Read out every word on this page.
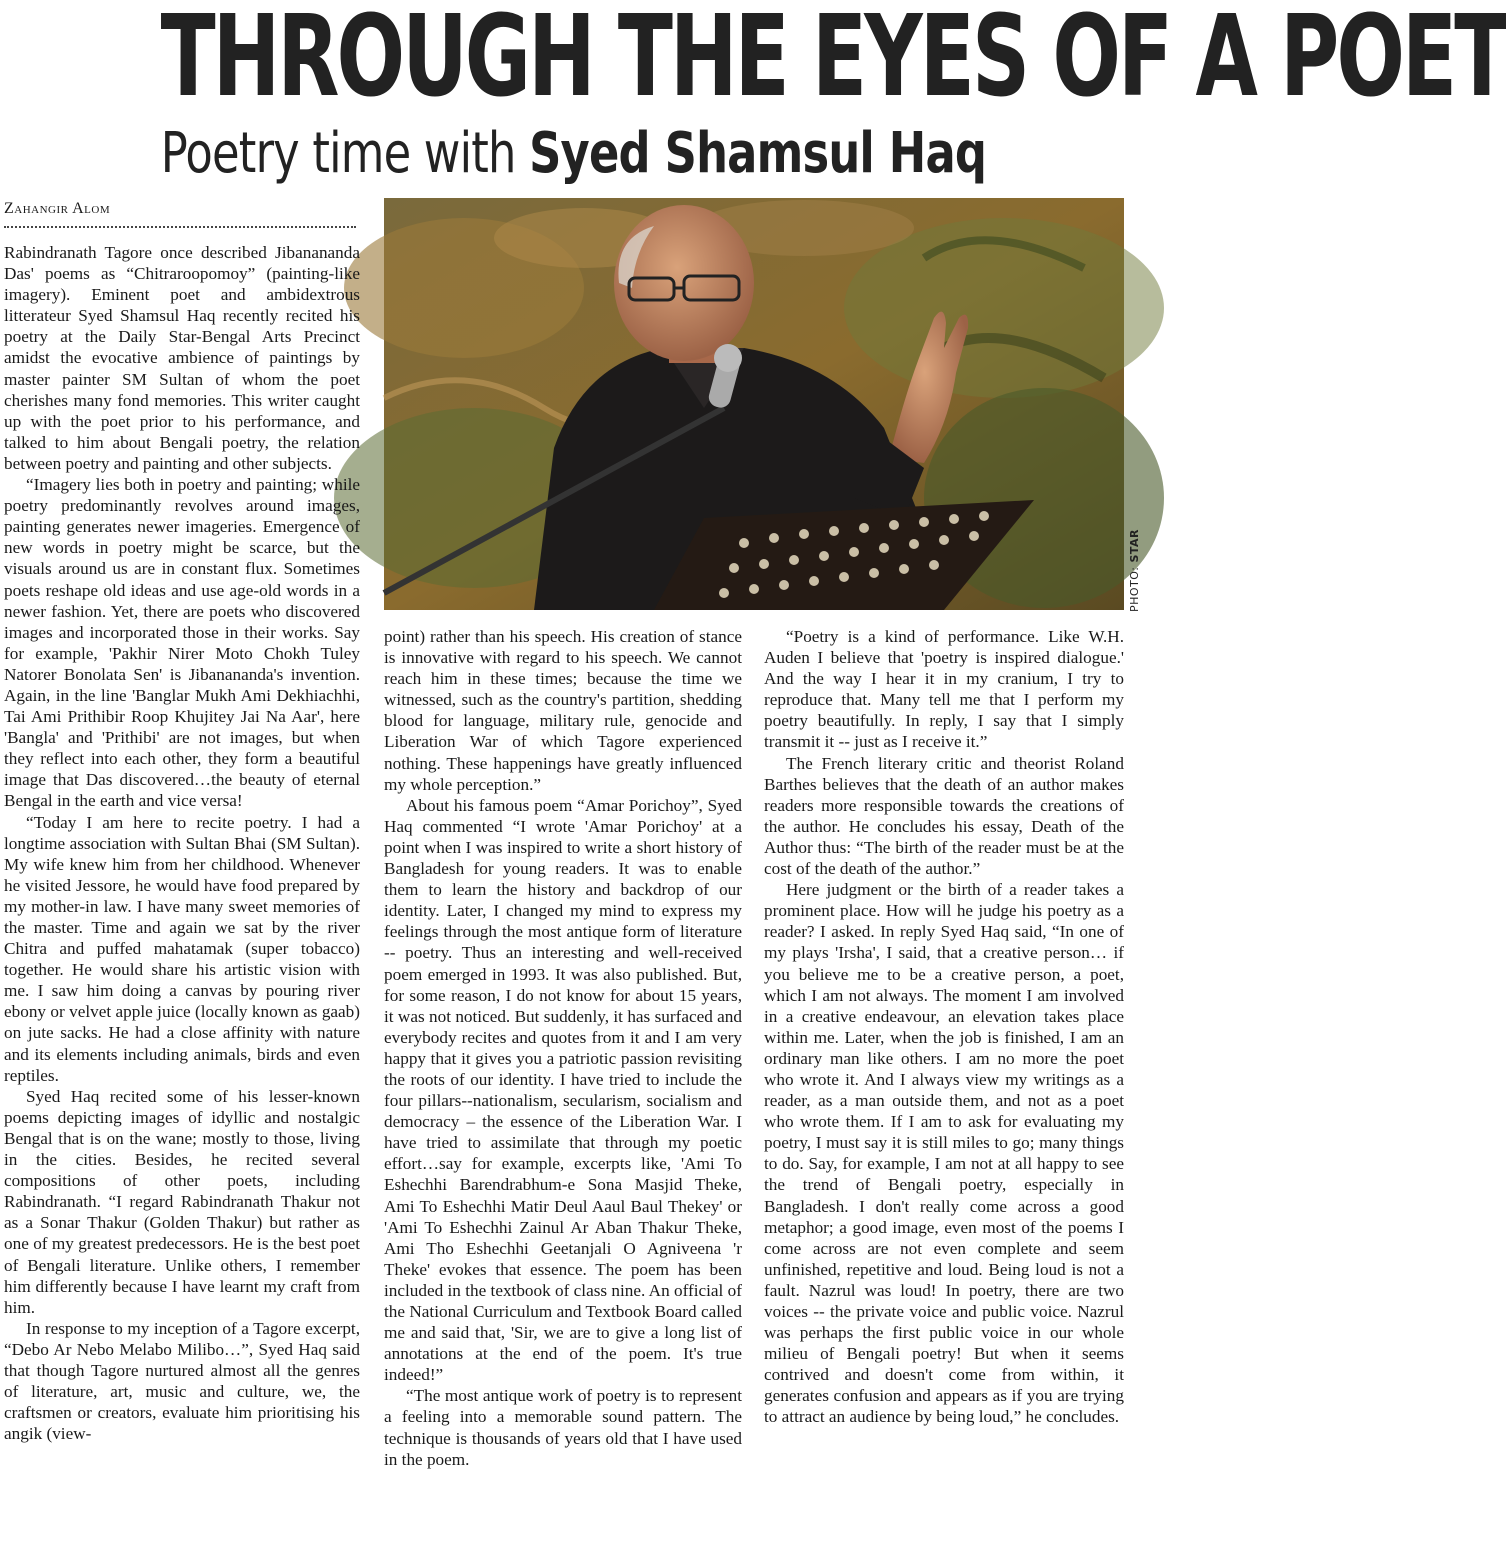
THROUGH THE EYES OF A POET
Poetry time with Syed Shamsul Haq
Zahangir Alom
PHOTO: STAR

Rabindranath Tagore once described Jibanananda Das' poems as “Chitraroopomoy” (painting-like imagery). Eminent poet and ambidextrous litterateur Syed Shamsul Haq recently recited his poetry at the Daily Star-Bengal Arts Precinct amidst the evocative ambience of paintings by master painter SM Sultan of whom the poet cherishes many fond memories. This writer caught up with the poet prior to his performance, and talked to him about Bengali poetry, the relation between poetry and painting and other subjects.

“Imagery lies both in poetry and painting; while poetry predominantly revolves around images, painting generates newer imageries. Emergence of new words in poetry might be scarce, but the visuals around us are in constant flux. Sometimes poets reshape old ideas and use age-old words in a newer fashion. Yet, there are poets who discovered images and incorporated those in their works. Say for example, 'Pakhir Nirer Moto Chokh Tuley Natorer Bonolata Sen' is Jibanananda's invention. Again, in the line 'Banglar Mukh Ami Dekhiachhi, Tai Ami Prithibir Roop Khujitey Jai Na Aar', here 'Bangla' and 'Prithibi' are not images, but when they reflect into each other, they form a beautiful image that Das discovered…the beauty of eternal Bengal in the earth and vice versa!

“Today I am here to recite poetry. I had a longtime association with Sultan Bhai (SM Sultan). My wife knew him from her childhood. Whenever he visited Jessore, he would have food prepared by my mother-in law. I have many sweet memories of the master. Time and again we sat by the river Chitra and puffed mahatamak (super tobacco) together. He would share his artistic vision with me. I saw him doing a canvas by pouring river ebony or velvet apple juice (locally known as gaab) on jute sacks. He had a close affinity with nature and its elements including animals, birds and even reptiles.

Syed Haq recited some of his lesser-known poems depicting images of idyllic and nostalgic Bengal that is on the wane; mostly to those, living in the cities. Besides, he recited several compositions of other poets, including Rabindranath. “I regard Rabindranath Thakur not as a Sonar Thakur (Golden Thakur) but rather as one of my greatest predecessors. He is the best poet of Bengali literature. Unlike others, I remember him differently because I have learnt my craft from him.

In response to my inception of a Tagore excerpt, “Debo Ar Nebo Melabo Milibo…”, Syed Haq said that though Tagore nurtured almost all the genres of literature, art, music and culture, we, the craftsmen or creators, evaluate him prioritising his angik (view-

point) rather than his speech. His creation of stance is innovative with regard to his speech. We cannot reach him in these times; because the time we witnessed, such as the country's partition, shedding blood for language, military rule, genocide and Liberation War of which Tagore experienced nothing. These happenings have greatly influenced my whole perception.”

About his famous poem “Amar Porichoy”, Syed Haq commented “I wrote 'Amar Porichoy' at a point when I was inspired to write a short history of Bangladesh for young readers. It was to enable them to learn the history and backdrop of our identity. Later, I changed my mind to express my feelings through the most antique form of literature -- poetry. Thus an interesting and well-received poem emerged in 1993. It was also published. But, for some reason, I do not know for about 15 years, it was not noticed. But suddenly, it has surfaced and everybody recites and quotes from it and I am very happy that it gives you a patriotic passion revisiting the roots of our identity. I have tried to include the four pillars--nationalism, secularism, socialism and democracy – the essence of the Liberation War. I have tried to assimilate that through my poetic effort…say for example, excerpts like, 'Ami To Eshechhi Barendrabhum-e Sona Masjid Theke, Ami To Eshechhi Matir Deul Aaul Baul Thekey' or 'Ami To Eshechhi Zainul Ar Aban Thakur Theke, Ami Tho Eshechhi Geetanjali O Agniveena 'r Theke' evokes that essence. The poem has been included in the textbook of class nine. An official of the National Curriculum and Textbook Board called me and said that, 'Sir, we are to give a long list of annotations at the end of the poem. It's true indeed!”

“The most antique work of poetry is to represent a feeling into a memorable sound pattern. The technique is thousands of years old that I have used in the poem.

“Poetry is a kind of performance. Like W.H. Auden I believe that 'poetry is inspired dialogue.' And the way I hear it in my cranium, I try to reproduce that. Many tell me that I perform my poetry beautifully. In reply, I say that I simply transmit it -- just as I receive it.”

The French literary critic and theorist Roland Barthes believes that the death of an author makes readers more responsible towards the creations of the author. He concludes his essay, Death of the Author thus: “The birth of the reader must be at the cost of the death of the author.”

Here judgment or the birth of a reader takes a prominent place. How will he judge his poetry as a reader? I asked. In reply Syed Haq said, “In one of my plays 'Irsha', I said, that a creative person… if you believe me to be a creative person, a poet, which I am not always. The moment I am involved in a creative endeavour, an elevation takes place within me. Later, when the job is finished, I am an ordinary man like others. I am no more the poet who wrote it. And I always view my writings as a reader, as a man outside them, and not as a poet who wrote them. If I am to ask for evaluating my poetry, I must say it is still miles to go; many things to do. Say, for example, I am not at all happy to see the trend of Bengali poetry, especially in Bangladesh. I don't really come across a good metaphor; a good image, even most of the poems I come across are not even complete and seem unfinished, repetitive and loud. Being loud is not a fault. Nazrul was loud! In poetry, there are two voices -- the private voice and public voice. Nazrul was perhaps the first public voice in our whole milieu of Bengali poetry! But when it seems contrived and doesn't come from within, it generates confusion and appears as if you are trying to attract an audience by being loud,” he concludes.
